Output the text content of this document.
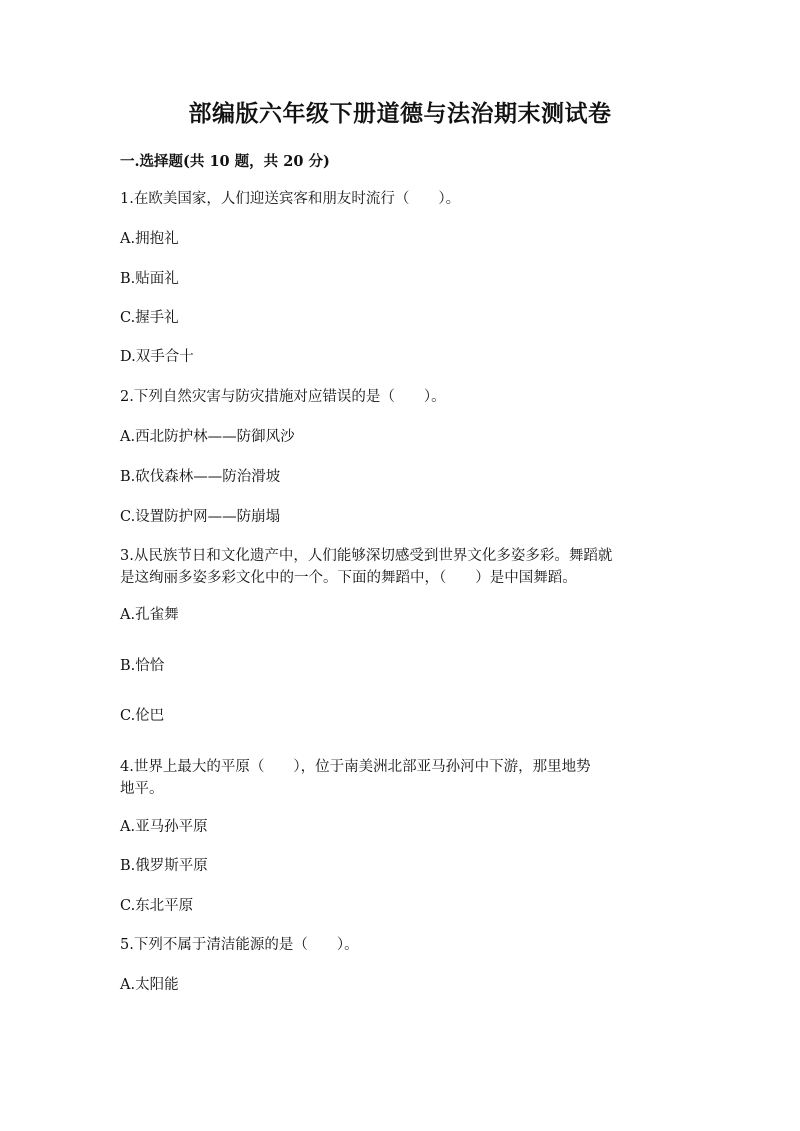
部编版六年级下册道德与法治期末测试卷

一.选择题(共 10 题，共 20 分)

1.在欧美国家，人们迎送宾客和朋友时流行（　　）。

A.拥抱礼

B.贴面礼

C.握手礼

D.双手合十

2.下列自然灾害与防灾措施对应错误的是（　　）。

A.西北防护林——防御风沙

B.砍伐森林——防治滑坡

C.设置防护网——防崩塌

3.从民族节日和文化遗产中，人们能够深切感受到世界文化多姿多彩。舞蹈就

是这绚丽多姿多彩文化中的一个。下面的舞蹈中，（　　）是中国舞蹈。

A.孔雀舞

B.恰恰

C.伦巴

4.世界上最大的平原（　　），位于南美洲北部亚马孙河中下游，那里地势

地平。

A.亚马孙平原

B.俄罗斯平原

C.东北平原

5.下列不属于清洁能源的是（　　）。

A.太阳能
